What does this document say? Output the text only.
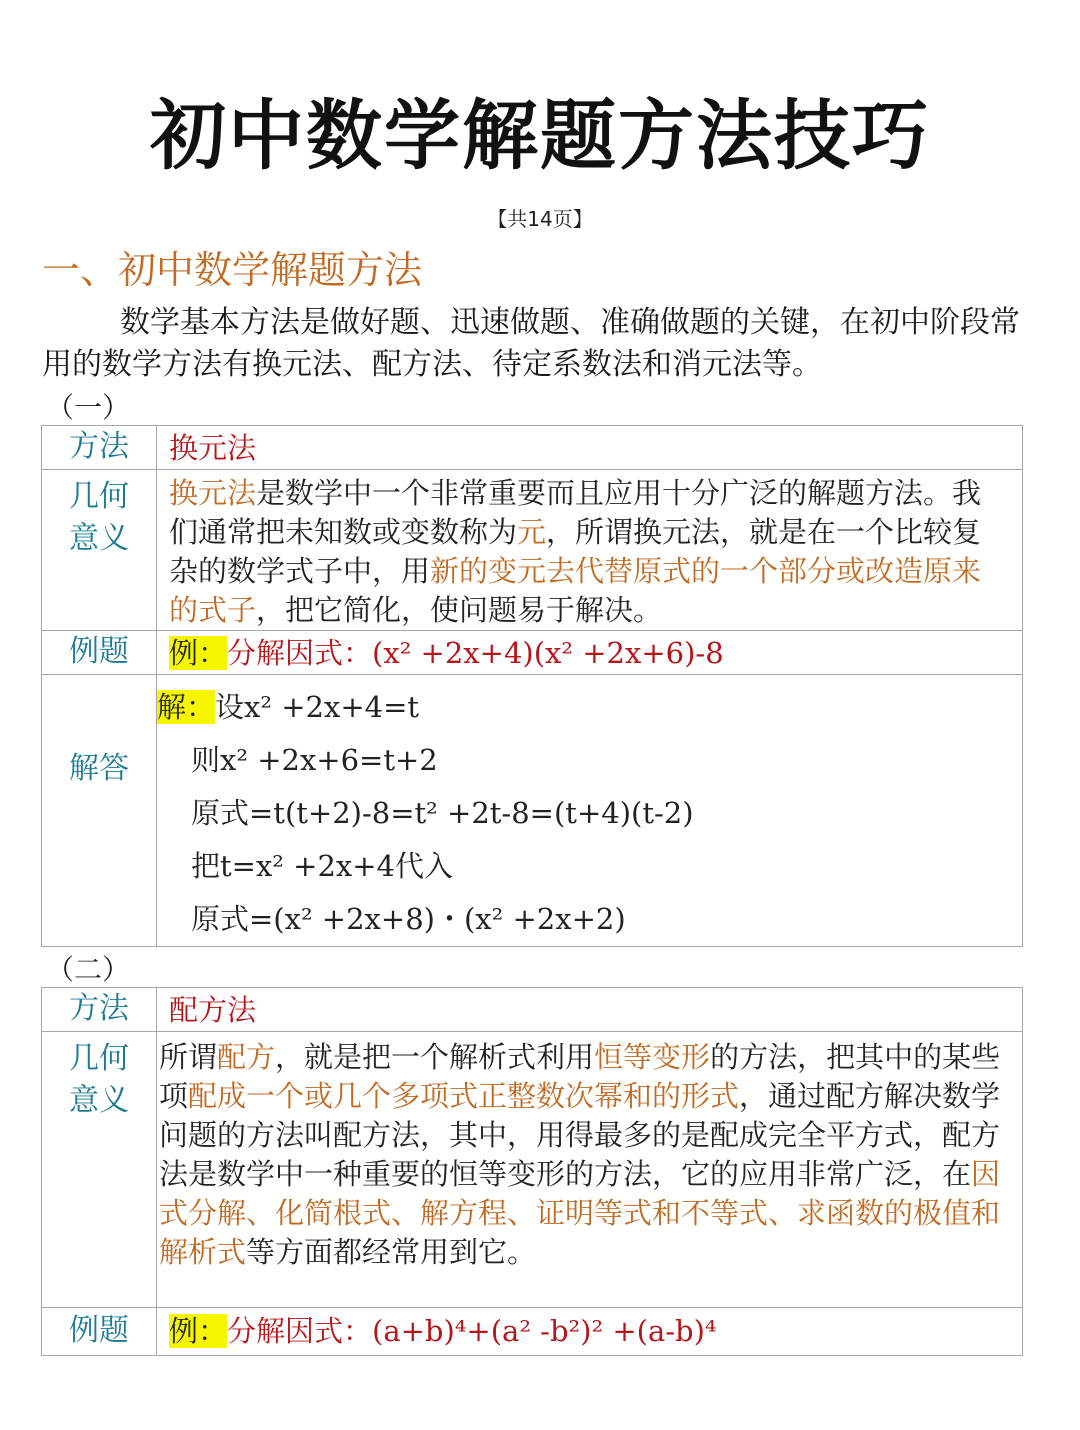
初中数学解题方法技巧
【共14页】
一、初中数学解题方法
数学基本方法是做好题、迅速做题、准确做题的关键，在初中阶段常用的数学方法有换元法、配方法、待定系数法和消元法等。
（一）
方法	换元法

几何
意义	换元法是数学中一个非常重要而且应用十分广泛的解题方法。我们通常把未知数或变数称为元，所谓换元法，就是在一个比较复杂的数学式子中，用新的变元去代替原式的一个部分或改造原来的式子，把它简化，使问题易于解决。
例题	例：分解因式：(x² +2x+4)(x² +2x+6)-8
解答	解：设x² +2x+4=t
则x² +2x+6=t+2
原式=t(t+2)-8=t² +2t-8=(t+4)(t-2)
把t=x² +2x+4代入
原式=(x² +2x+8)・(x² +2x+2)
（二）
方法	配方法

几何
意义	所谓配方，就是把一个解析式利用恒等变形的方法，把其中的某些项配成一个或几个多项式正整数次幂和的形式，通过配方解决数学问题的方法叫配方法，其中，用得最多的是配成完全平方式，配方法是数学中一种重要的恒等变形的方法，它的应用非常广泛，在因式分解、化简根式、解方程、证明等式和不等式、求函数的极值和解析式等方面都经常用到它。
例题	例：分解因式：(a+b)⁴+(a² -b²)² +(a-b)⁴
